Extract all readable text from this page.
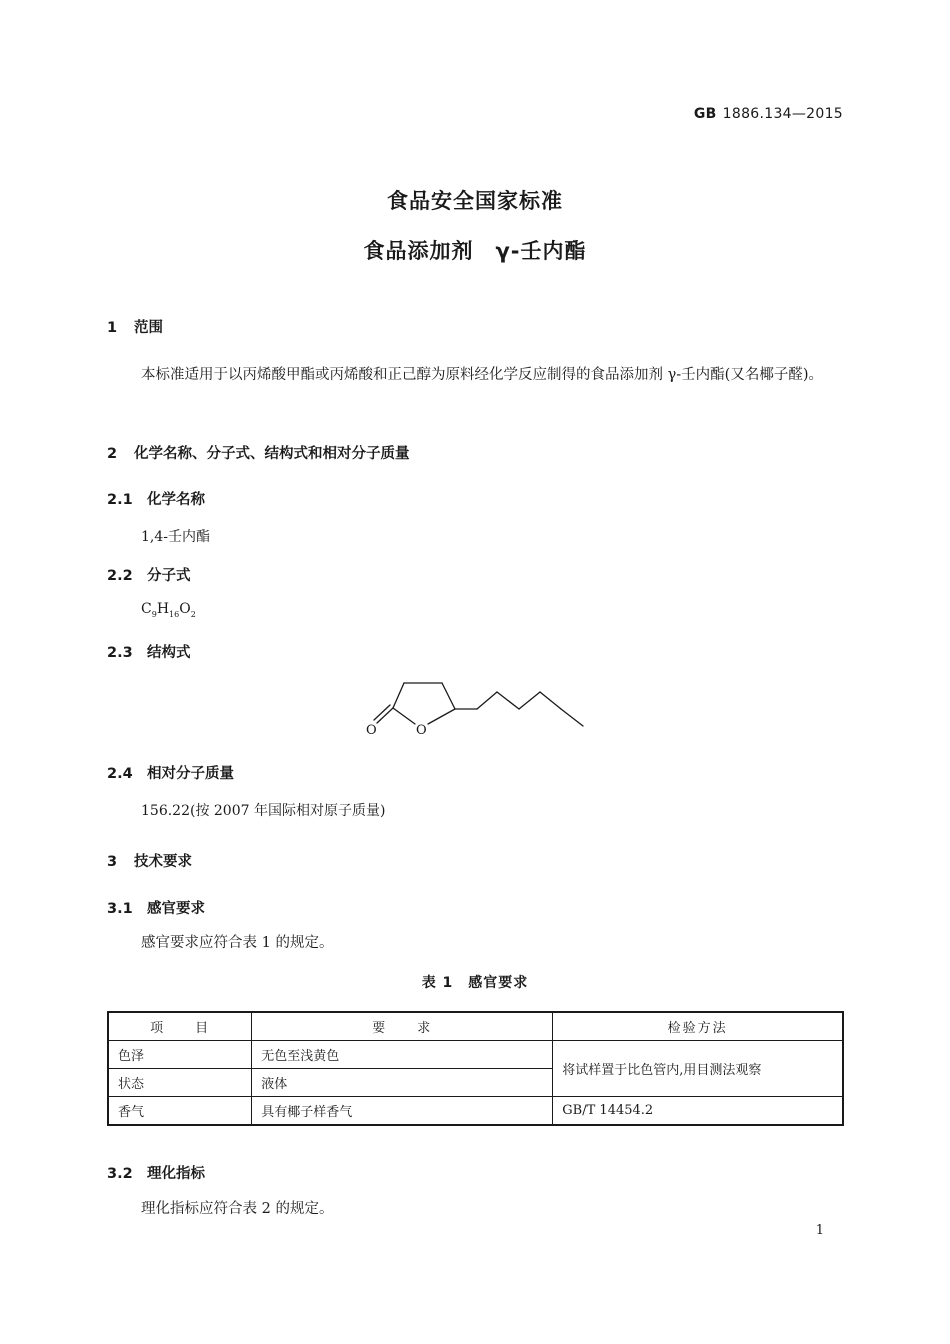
GB 1886.134—2015
食品安全国家标准
食品添加剂　γ-壬内酯
1 范围
本标准适用于以丙烯酸甲酯或丙烯酸和正己醇为原料经化学反应制得的食品添加剂 γ-壬内酯(又名椰子醛)。
2 化学名称、分子式、结构式和相对分子质量
2.1 化学名称
1,4-壬内酯
2.2 分子式
$C_9H_{16}O_2$
2.3 结构式
O	O
2.4 相对分子质量
156.22(按 2007 年国际相对原子质量)
3 技术要求
3.1 感官要求
感官要求应符合表 1 的规定。
表 1　感官要求
项　　目	要　　求	检验方法
色泽	无色至浅黄色	将试样置于比色管内,用目测法观察
状态	液体	
香气	具有椰子样香气	GB/T 14454.2
3.2 理化指标
理化指标应符合表 2 的规定。
1
